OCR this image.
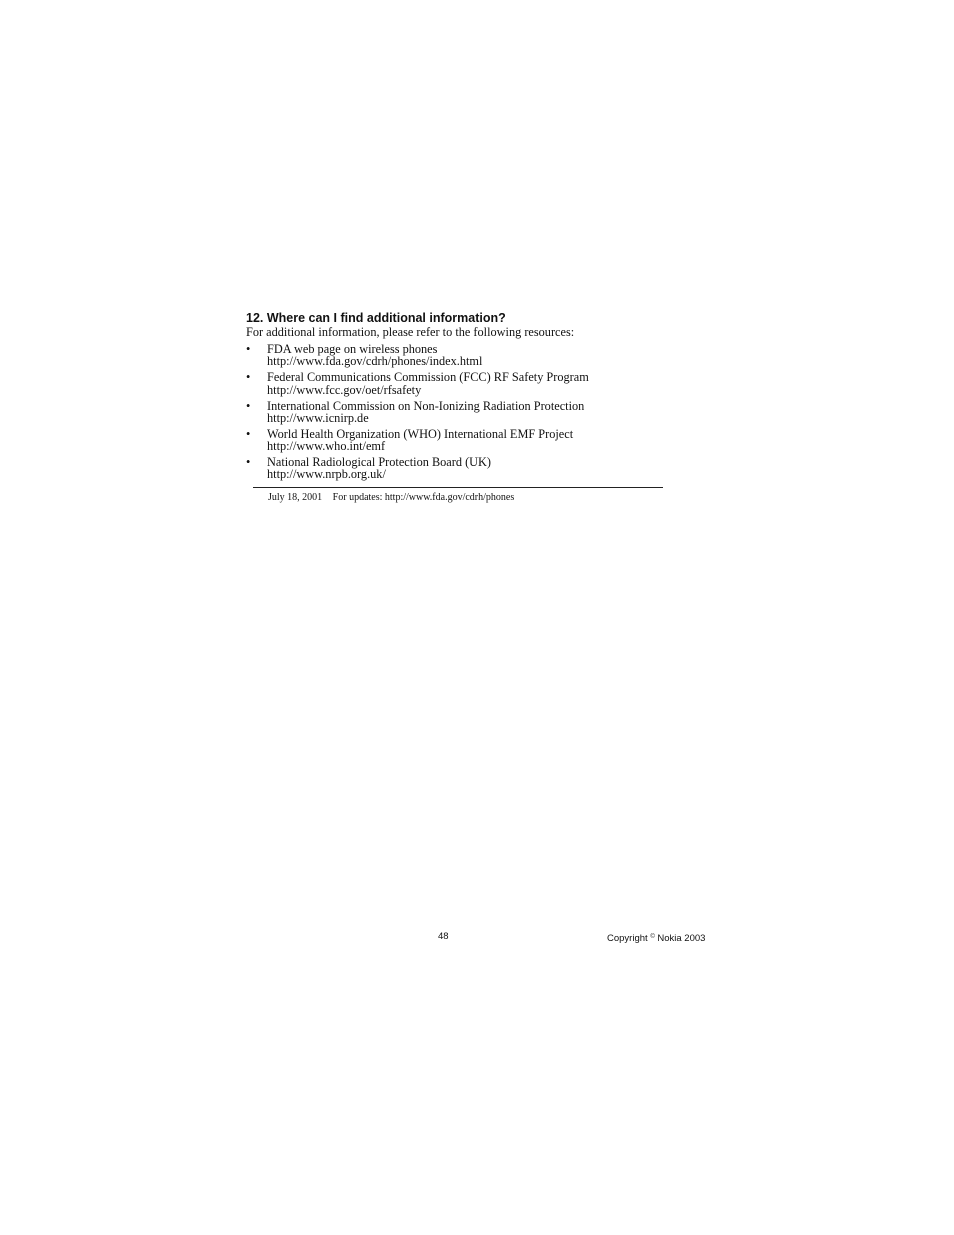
12. Where can I find additional information?

For additional information, please refer to the following resources:

• FDA web page on wireless phones
http://www.fda.gov/cdrh/phones/index.html
• Federal Communications Commission (FCC) RF Safety Program
http://www.fcc.gov/oet/rfsafety
• International Commission on Non-Ionizing Radiation Protection
http://www.icnirp.de
• World Health Organization (WHO) International EMF Project
http://www.who.int/emf
• National Radiological Protection Board (UK)
http://www.nrpb.org.uk/
July 18, 2001 For updates: http://www.fda.gov/cdrh/phones
48	Copyright © Nokia 2003
